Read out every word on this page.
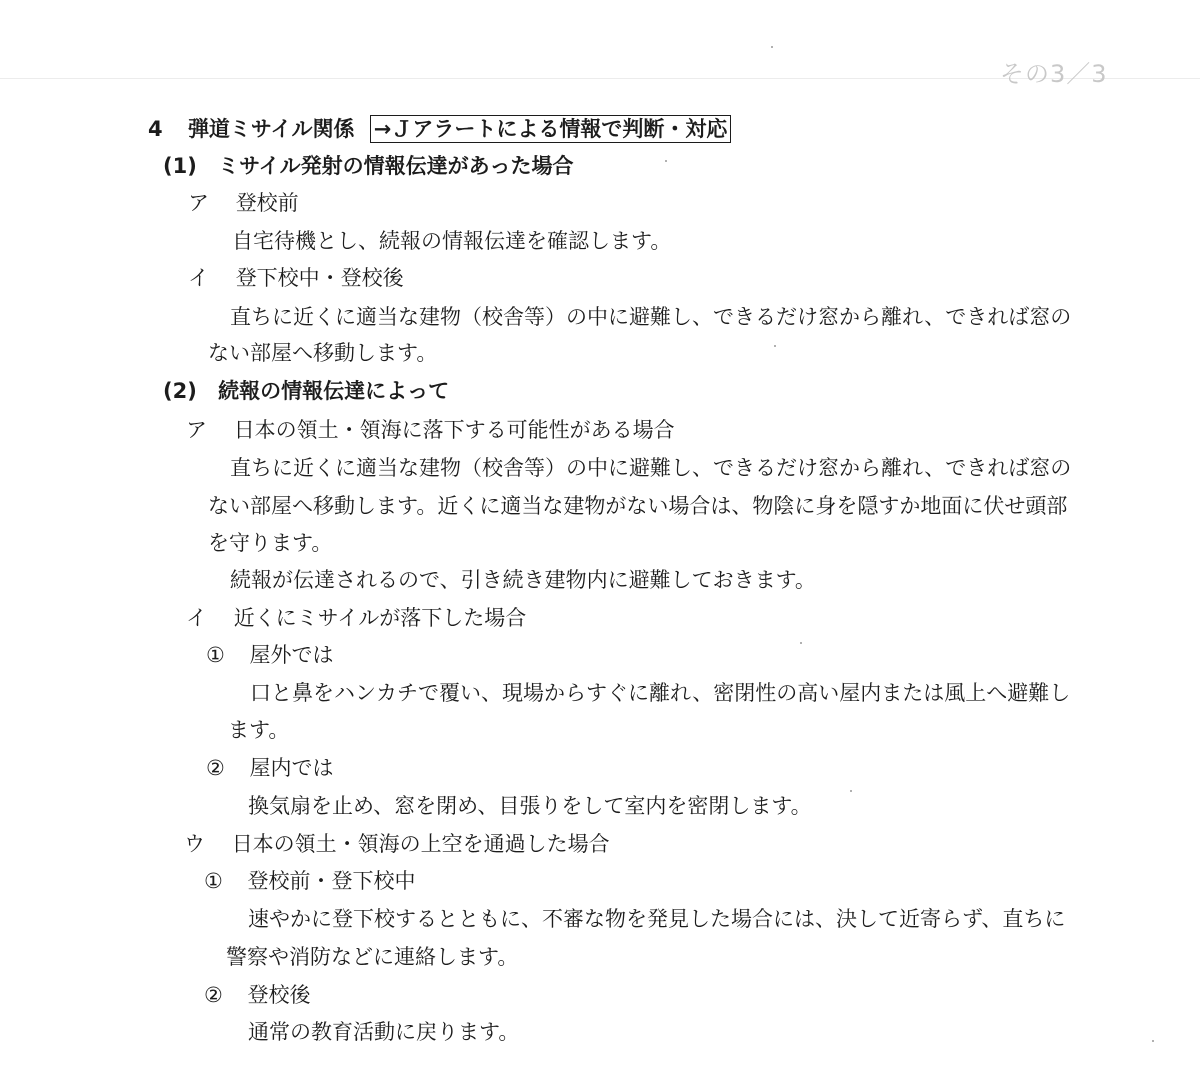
その3／3
4 弾道ミサイル関係 →Ｊアラートによる情報で判断・対応
(1) ミサイル発射の情報伝達があった場合
ア 登校前
自宅待機とし、続報の情報伝達を確認します。
イ 登下校中・登校後
直ちに近くに適当な建物（校舎等）の中に避難し、できるだけ窓から離れ、できれば窓の
ない部屋へ移動します。
(2) 続報の情報伝達によって
ア 日本の領土・領海に落下する可能性がある場合
直ちに近くに適当な建物（校舎等）の中に避難し、できるだけ窓から離れ、できれば窓の
ない部屋へ移動します。近くに適当な建物がない場合は、物陰に身を隠すか地面に伏せ頭部
を守ります。
続報が伝達されるので、引き続き建物内に避難しておきます。
イ 近くにミサイルが落下した場合
① 屋外では
口と鼻をハンカチで覆い、現場からすぐに離れ、密閉性の高い屋内または風上へ避難し
ます。
② 屋内では
換気扇を止め、窓を閉め、目張りをして室内を密閉します。
ウ 日本の領土・領海の上空を通過した場合
① 登校前・登下校中
速やかに登下校するとともに、不審な物を発見した場合には、決して近寄らず、直ちに
警察や消防などに連絡します。
② 登校後
通常の教育活動に戻ります。
